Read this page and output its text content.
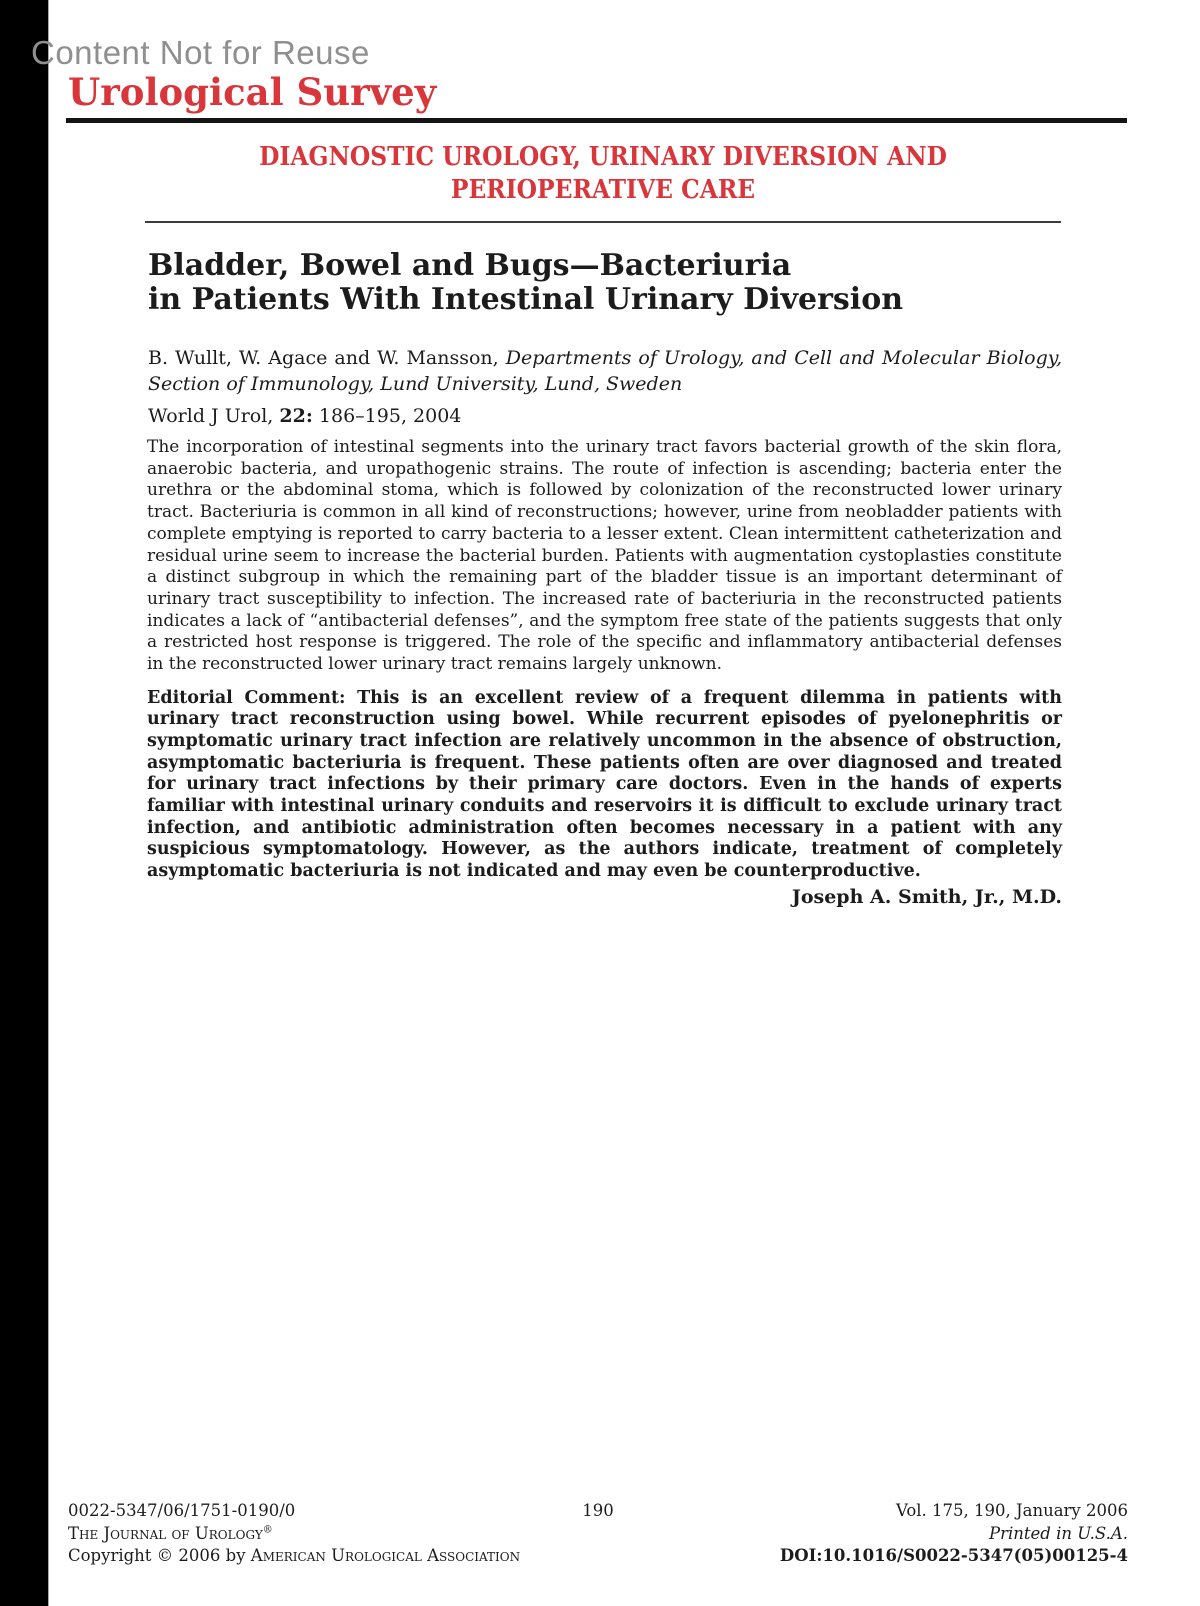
Content Not for Reuse
Urological Survey
DIAGNOSTIC UROLOGY, URINARY DIVERSION AND
PERIOPERATIVE CARE
Bladder, Bowel and Bugs—Bacteriuria
in Patients With Intestinal Urinary Diversion

B. Wullt, W. Agace and W. Mansson, Departments of Urology, and Cell and Molecular Biology, Section of Immunology, Lund University, Lund, Sweden

World J Urol, 22: 186–195, 2004

The incorporation of intestinal segments into the urinary tract favors bacterial growth of the skin flora, anaerobic bacteria, and uropathogenic strains. The route of infection is ascending; bacteria enter the urethra or the abdominal stoma, which is followed by colonization of the reconstructed lower urinary tract. Bacteriuria is common in all kind of reconstructions; however, urine from neobladder patients with complete emptying is reported to carry bacteria to a lesser extent. Clean intermittent catheterization and residual urine seem to increase the bacterial burden. Patients with augmentation cystoplasties constitute a distinct subgroup in which the remaining part of the bladder tissue is an important determinant of urinary tract susceptibility to infection. The increased rate of bacteriuria in the reconstructed patients indicates a lack of “antibacterial defenses”, and the symptom free state of the patients suggests that only a restricted host response is triggered. The role of the specific and inflammatory antibacterial defenses in the reconstructed lower urinary tract remains largely unknown.

Editorial Comment: This is an excellent review of a frequent dilemma in patients with urinary tract reconstruction using bowel. While recurrent episodes of pyelonephritis or symptomatic urinary tract infection are relatively uncommon in the absence of obstruction, asymptomatic bacteriuria is frequent. These patients often are over diagnosed and treated for urinary tract infections by their primary care doctors. Even in the hands of experts familiar with intestinal urinary conduits and reservoirs it is difficult to exclude urinary tract infection, and antibiotic administration often becomes necessary in a patient with any suspicious symptomatology. However, as the authors indicate, treatment of completely asymptomatic bacteriuria is not indicated and may even be counterproductive.

Joseph A. Smith, Jr., M.D.
0022-5347/06/1751-0190/0
The Journal of Urology®
Copyright © 2006 by American Urological Association
190	Vol. 175, 190, January 2006
Printed in U.S.A.
DOI:10.1016/S0022-5347(05)00125-4
